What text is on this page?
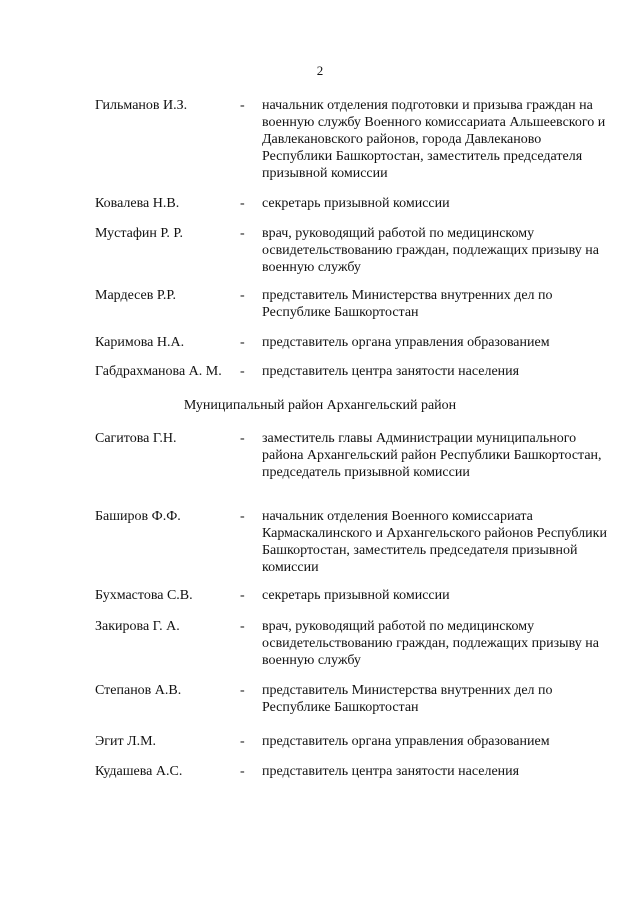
2
Гильманов И.З.	- начальник отделения подготовки и призыва граждан на военную службу Военного комиссариата Альшеевского и Давлекановского районов, города Давлеканово Республики Башкортостан, заместитель председателя призывной комиссии
Ковалева Н.В.	- секретарь призывной комиссии
Мустафин Р. Р.	- врач, руководящий работой по медицинскому освидетельствованию граждан, подлежащих призыву на военную службу
Мардесев Р.Р.	- представитель Министерства внутренних дел по Республике Башкортостан
Каримова Н.А.	- представитель органа управления образованием
Габдрахманова А. М. - представитель центра занятости населения
Муниципальный район Архангельский район
Сагитова Г.Н.	- заместитель главы Администрации муниципального района Архангельский район Республики Башкортостан, председатель призывной комиссии
Баширов Ф.Ф.	- начальник отделения Военного комиссариата Кармаскалинского и Архангельского районов Республики Башкортостан, заместитель председателя призывной комиссии
Бухмастова С.В.	- секретарь призывной комиссии
Закирова Г. А.	- врач, руководящий работой по медицинскому освидетельствованию граждан, подлежащих призыву на военную службу
Степанов А.В.	- представитель Министерства внутренних дел по Республике Башкортостан
Эгит Л.М.	- представитель органа управления образованием
Кудашева А.С.	- представитель центра занятости населения
